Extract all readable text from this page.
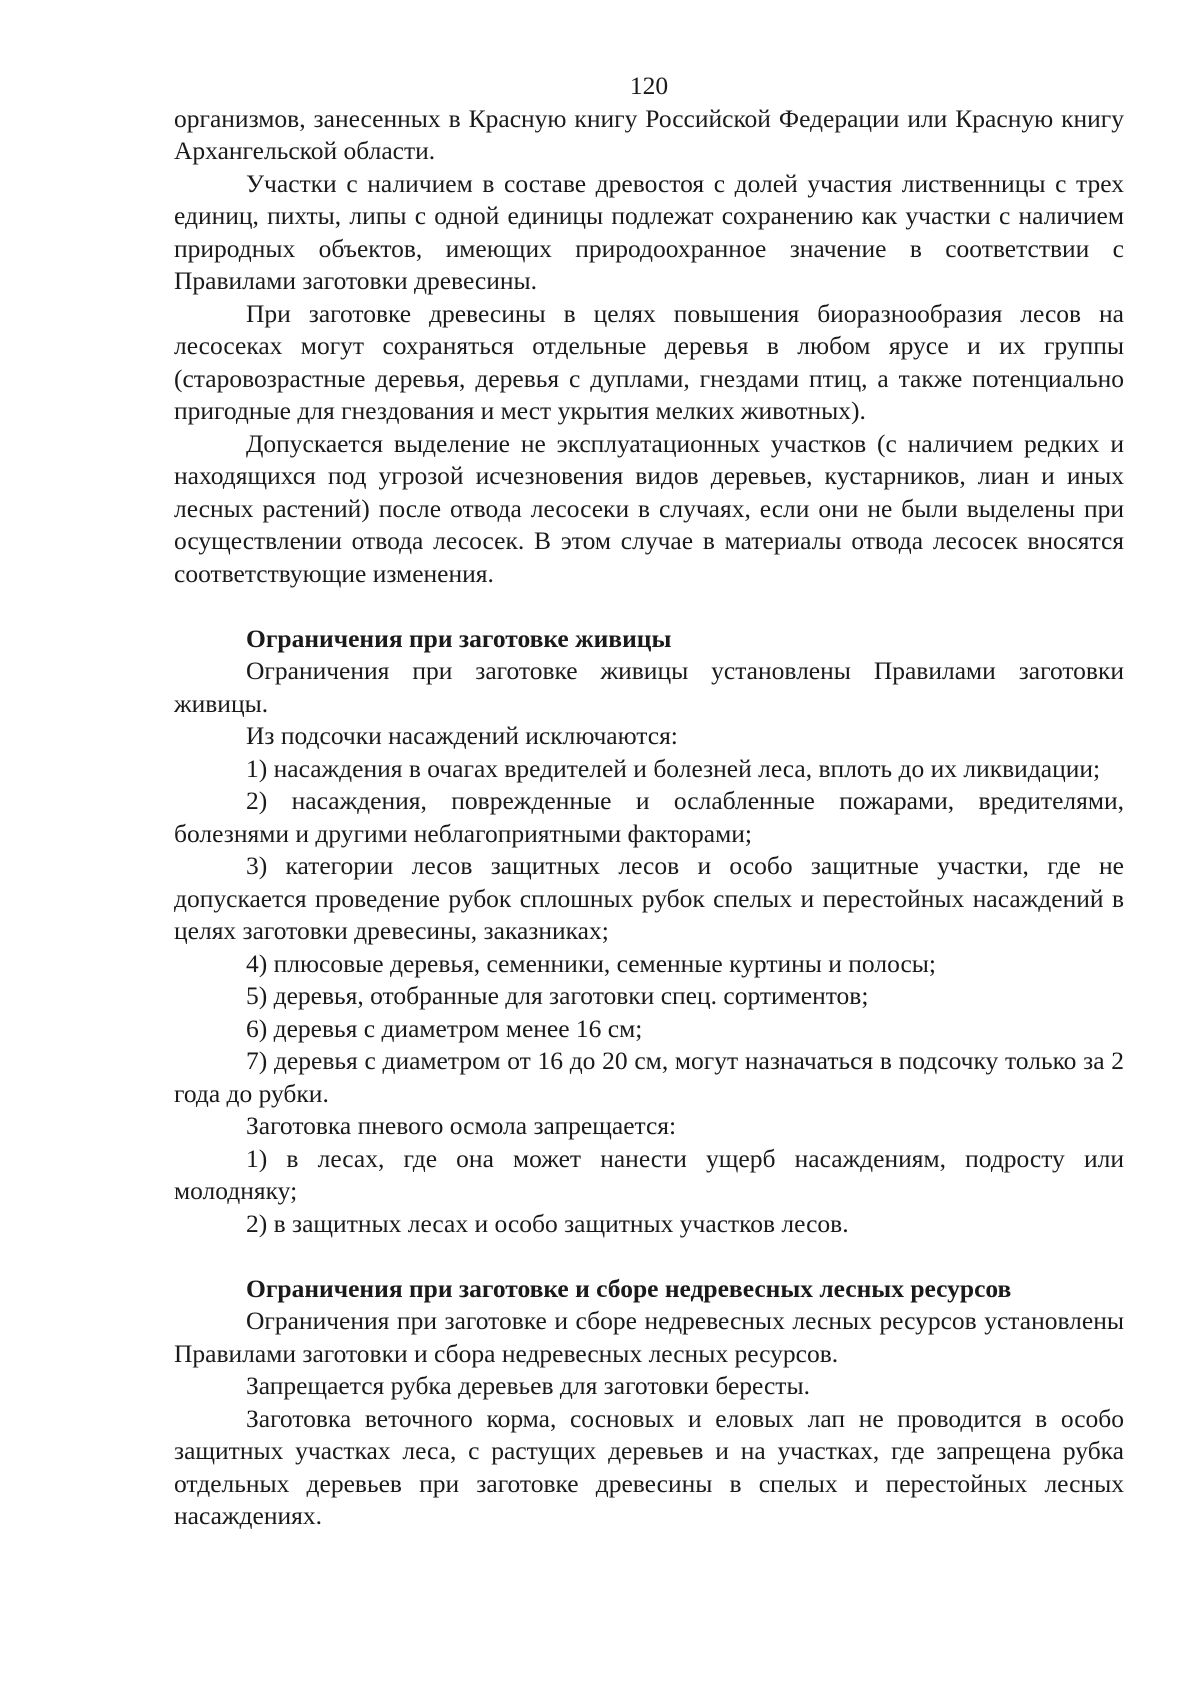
120

организмов, занесенных в Красную книгу Российской Федерации или Красную книгу Архангельской области.

Участки с наличием в составе древостоя с долей участия лиственницы с трех единиц, пихты, липы с одной единицы подлежат сохранению как участки с наличием природных объектов, имеющих природоохранное значение в соответствии с Правилами заготовки древесины.

При заготовке древесины в целях повышения биоразнообразия лесов на лесосеках могут сохраняться отдельные деревья в любом ярусе и их группы (старовозрастные деревья, деревья с дуплами, гнездами птиц, а также потенциально пригодные для гнездования и мест укрытия мелких животных).

Допускается выделение не эксплуатационных участков (с наличием редких и находящихся под угрозой исчезновения видов деревьев, кустарников, лиан и иных лесных растений) после отвода лесосеки в случаях, если они не были выделены при осуществлении отвода лесосек. В этом случае в материалы отвода лесосек вносятся соответствующие изменения.

Ограничения при заготовке живицы

Ограничения при заготовке живицы установлены Правилами заготовки живицы.

Из подсочки насаждений исключаются:

1) насаждения в очагах вредителей и болезней леса, вплоть до их ликвидации;

2) насаждения, поврежденные и ослабленные пожарами, вредителями, болезнями и другими неблагоприятными факторами;

3) категории лесов защитных лесов и особо защитные участки, где не допускается проведение рубок сплошных рубок спелых и перестойных насаждений в целях заготовки древесины, заказниках;

4) плюсовые деревья, семенники, семенные куртины и полосы;

5) деревья, отобранные для заготовки спец. сортиментов;

6) деревья с диаметром менее 16 см;

7) деревья с диаметром от 16 до 20 см, могут назначаться в подсочку только за 2 года до рубки.

Заготовка пневого осмола запрещается:

1) в лесах, где она может нанести ущерб насаждениям, подросту или молодняку;

2) в защитных лесах и особо защитных участков лесов.

Ограничения при заготовке и сборе недревесных лесных ресурсов

Ограничения при заготовке и сборе недревесных лесных ресурсов установлены Правилами заготовки и сбора недревесных лесных ресурсов.

Запрещается рубка деревьев для заготовки бересты.

Заготовка веточного корма, сосновых и еловых лап не проводится в особо защитных участках леса, с растущих деревьев и на участках, где запрещена рубка отдельных деревьев при заготовке древесины в спелых и перестойных лесных насаждениях.
